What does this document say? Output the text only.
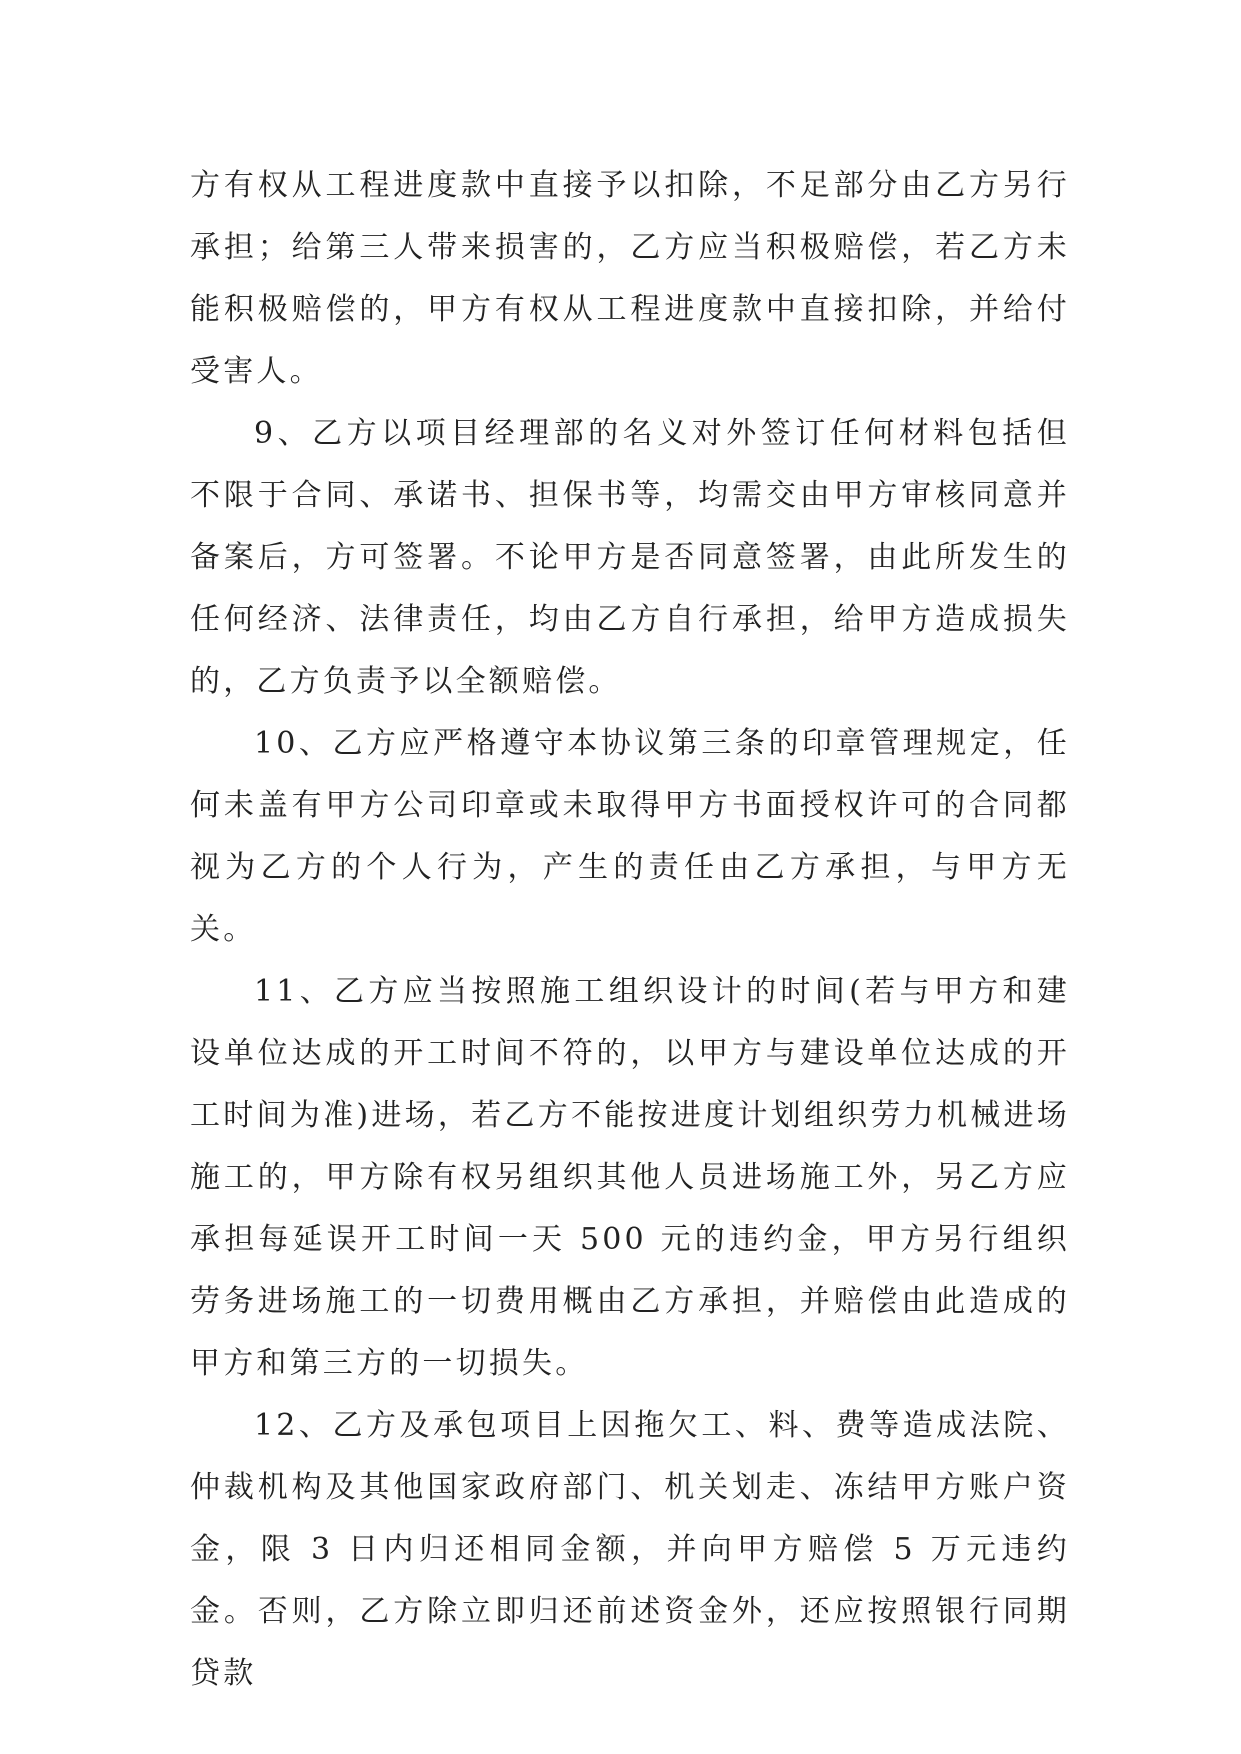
方有权从工程进度款中直接予以扣除，不足部分由乙方另行承担；给第三人带来损害的，乙方应当积极赔偿，若乙方未能积极赔偿的，甲方有权从工程进度款中直接扣除，并给付受害人。

9、乙方以项目经理部的名义对外签订任何材料包括但不限于合同、承诺书、担保书等，均需交由甲方审核同意并备案后，方可签署。不论甲方是否同意签署，由此所发生的任何经济、法律责任，均由乙方自行承担，给甲方造成损失的，乙方负责予以全额赔偿。

10、乙方应严格遵守本协议第三条的印章管理规定，任何未盖有甲方公司印章或未取得甲方书面授权许可的合同都视为乙方的个人行为，产生的责任由乙方承担，与甲方无关。

11、乙方应当按照施工组织设计的时间(若与甲方和建设单位达成的开工时间不符的，以甲方与建设单位达成的开工时间为准)进场，若乙方不能按进度计划组织劳力机械进场施工的，甲方除有权另组织其他人员进场施工外，另乙方应承担每延误开工时间一天 500 元的违约金，甲方另行组织劳务进场施工的一切费用概由乙方承担，并赔偿由此造成的甲方和第三方的一切损失。

12、乙方及承包项目上因拖欠工、料、费等造成法院、仲裁机构及其他国家政府部门、机关划走、冻结甲方账户资金，限 3 日内归还相同金额，并向甲方赔偿 5 万元违约金。否则，乙方除立即归还前述资金外，还应按照银行同期贷款
